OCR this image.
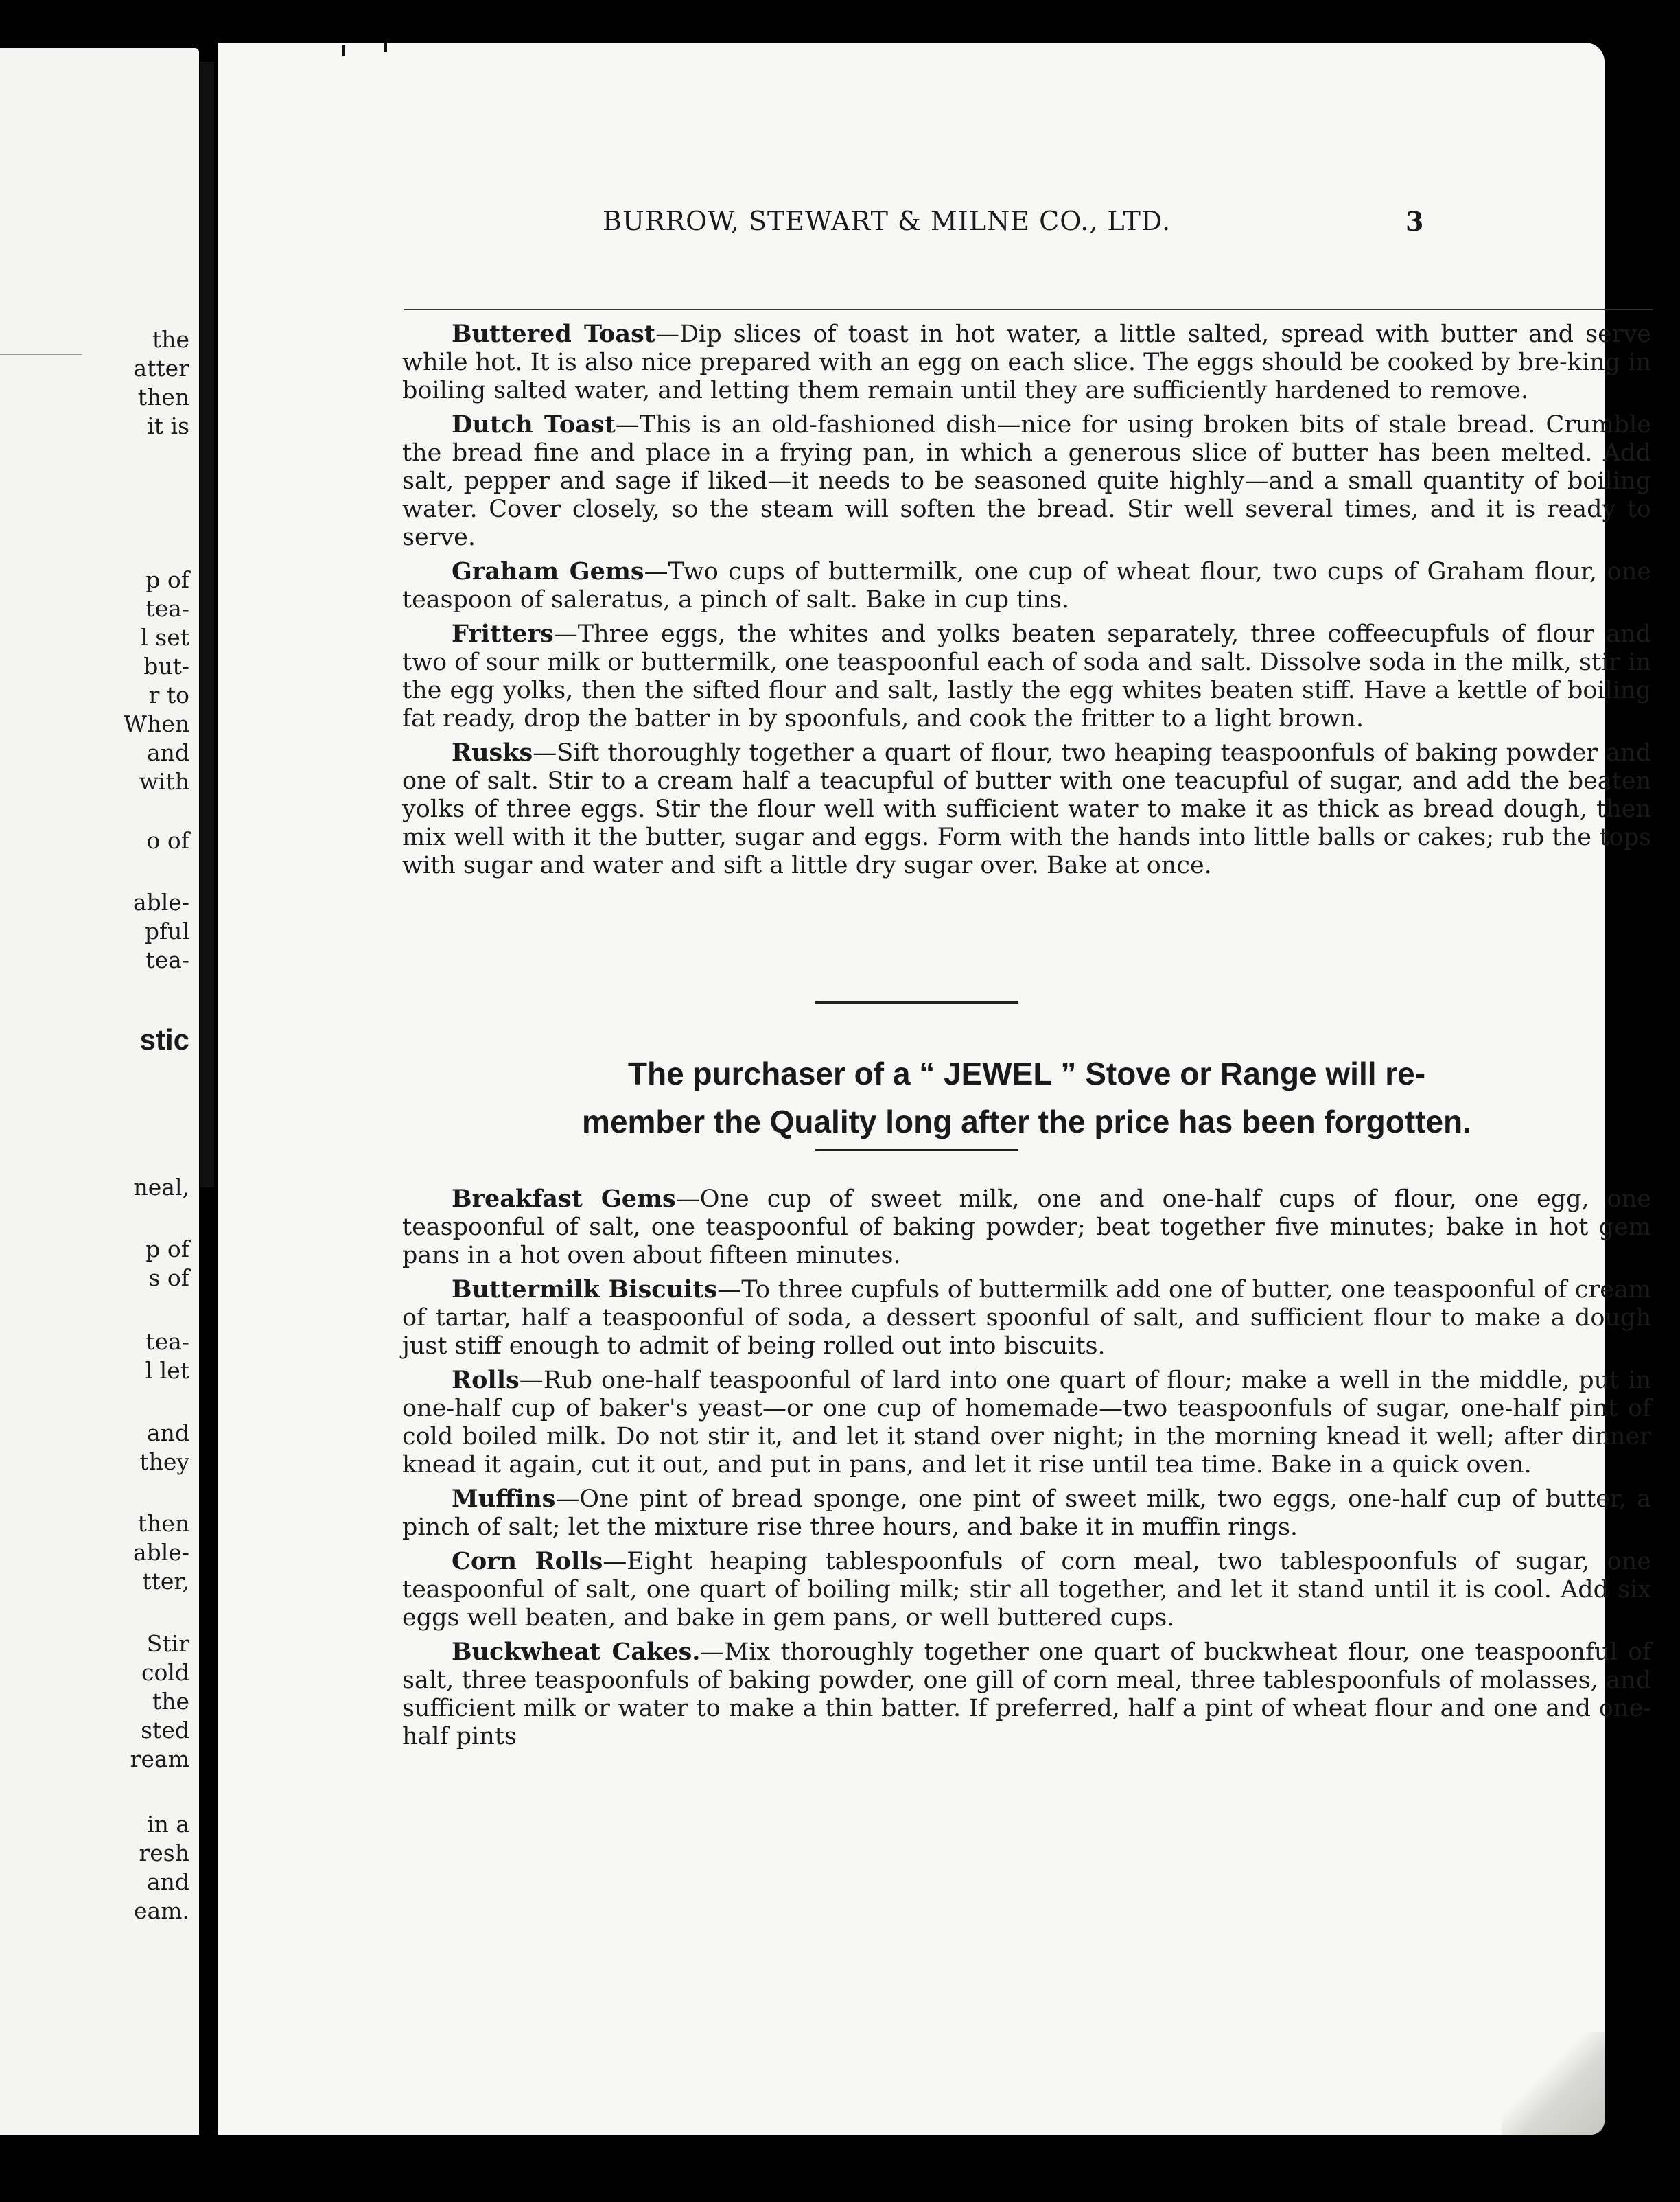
the
atter
then
it is
p of
tea-
l set
but-
r to
When
and
with
o of
able-
pful
tea-
stic
neal,
p of
s of
tea-
l let
and
they
then
able-
tter,
Stir
cold
the
sted
ream
in a
resh
and
eam.
BURROW, STEWART & MILNE CO., LTD.	3

Buttered Toast—Dip slices of toast in hot water, a little salted, spread with butter and serve while hot. It is also nice prepared with an egg on each slice. The eggs should be cooked by bre-king in boiling salted water, and letting them remain until they are sufficiently hardened to remove.

Dutch Toast—This is an old-fashioned dish—nice for using broken bits of stale bread. Crumble the bread fine and place in a frying pan, in which a generous slice of butter has been melted. Add salt, pepper and sage if liked—it needs to be seasoned quite highly—and a small quantity of boiling water. Cover closely, so the steam will soften the bread. Stir well several times, and it is ready to serve.

Graham Gems—Two cups of buttermilk, one cup of wheat flour, two cups of Graham flour, one teaspoon of saleratus, a pinch of salt. Bake in cup tins.

Fritters—Three eggs, the whites and yolks beaten separately, three coffeecupfuls of flour and two of sour milk or buttermilk, one teaspoonful each of soda and salt. Dissolve soda in the milk, stir in the egg yolks, then the sifted flour and salt, lastly the egg whites beaten stiff. Have a kettle of boiling fat ready, drop the batter in by spoonfuls, and cook the fritter to a light brown.

Rusks—Sift thoroughly together a quart of flour, two heaping teaspoonfuls of baking powder and one of salt. Stir to a cream half a teacupful of butter with one teacupful of sugar, and add the beaten yolks of three eggs. Stir the flour well with sufficient water to make it as thick as bread dough, then mix well with it the butter, sugar and eggs. Form with the hands into little balls or cakes; rub the tops with sugar and water and sift a little dry sugar over. Bake at once.

The purchaser of a “ JEWEL ” Stove or Range will re-
member the Quality long after the price has been forgotten.

Breakfast Gems—One cup of sweet milk, one and one-half cups of flour, one egg, one teaspoonful of salt, one teaspoonful of baking powder; beat together five minutes; bake in hot gem pans in a hot oven about fifteen minutes.

Buttermilk Biscuits—To three cupfuls of buttermilk add one of butter, one teaspoonful of cream of tartar, half a teaspoonful of soda, a dessert spoonful of salt, and sufficient flour to make a dough just stiff enough to admit of being rolled out into biscuits.

Rolls—Rub one-half teaspoonful of lard into one quart of flour; make a well in the middle, put in one-half cup of baker's yeast—or one cup of homemade—two teaspoonfuls of sugar, one-half pint of cold boiled milk. Do not stir it, and let it stand over night; in the morning knead it well; after dinner knead it again, cut it out, and put in pans, and let it rise until tea time. Bake in a quick oven.

Muffins—One pint of bread sponge, one pint of sweet milk, two eggs, one-half cup of butter, a pinch of salt; let the mixture rise three hours, and bake it in muffin rings.

Corn Rolls—Eight heaping tablespoonfuls of corn meal, two tablespoonfuls of sugar, one teaspoonful of salt, one quart of boiling milk; stir all together, and let it stand until it is cool. Add six eggs well beaten, and bake in gem pans, or well buttered cups.

Buckwheat Cakes.—Mix thoroughly together one quart of buckwheat flour, one teaspoonful of salt, three teaspoonfuls of baking powder, one gill of corn meal, three tablespoonfuls of molasses, and sufficient milk or water to make a thin batter. If preferred, half a pint of wheat flour and one and one-half pints
